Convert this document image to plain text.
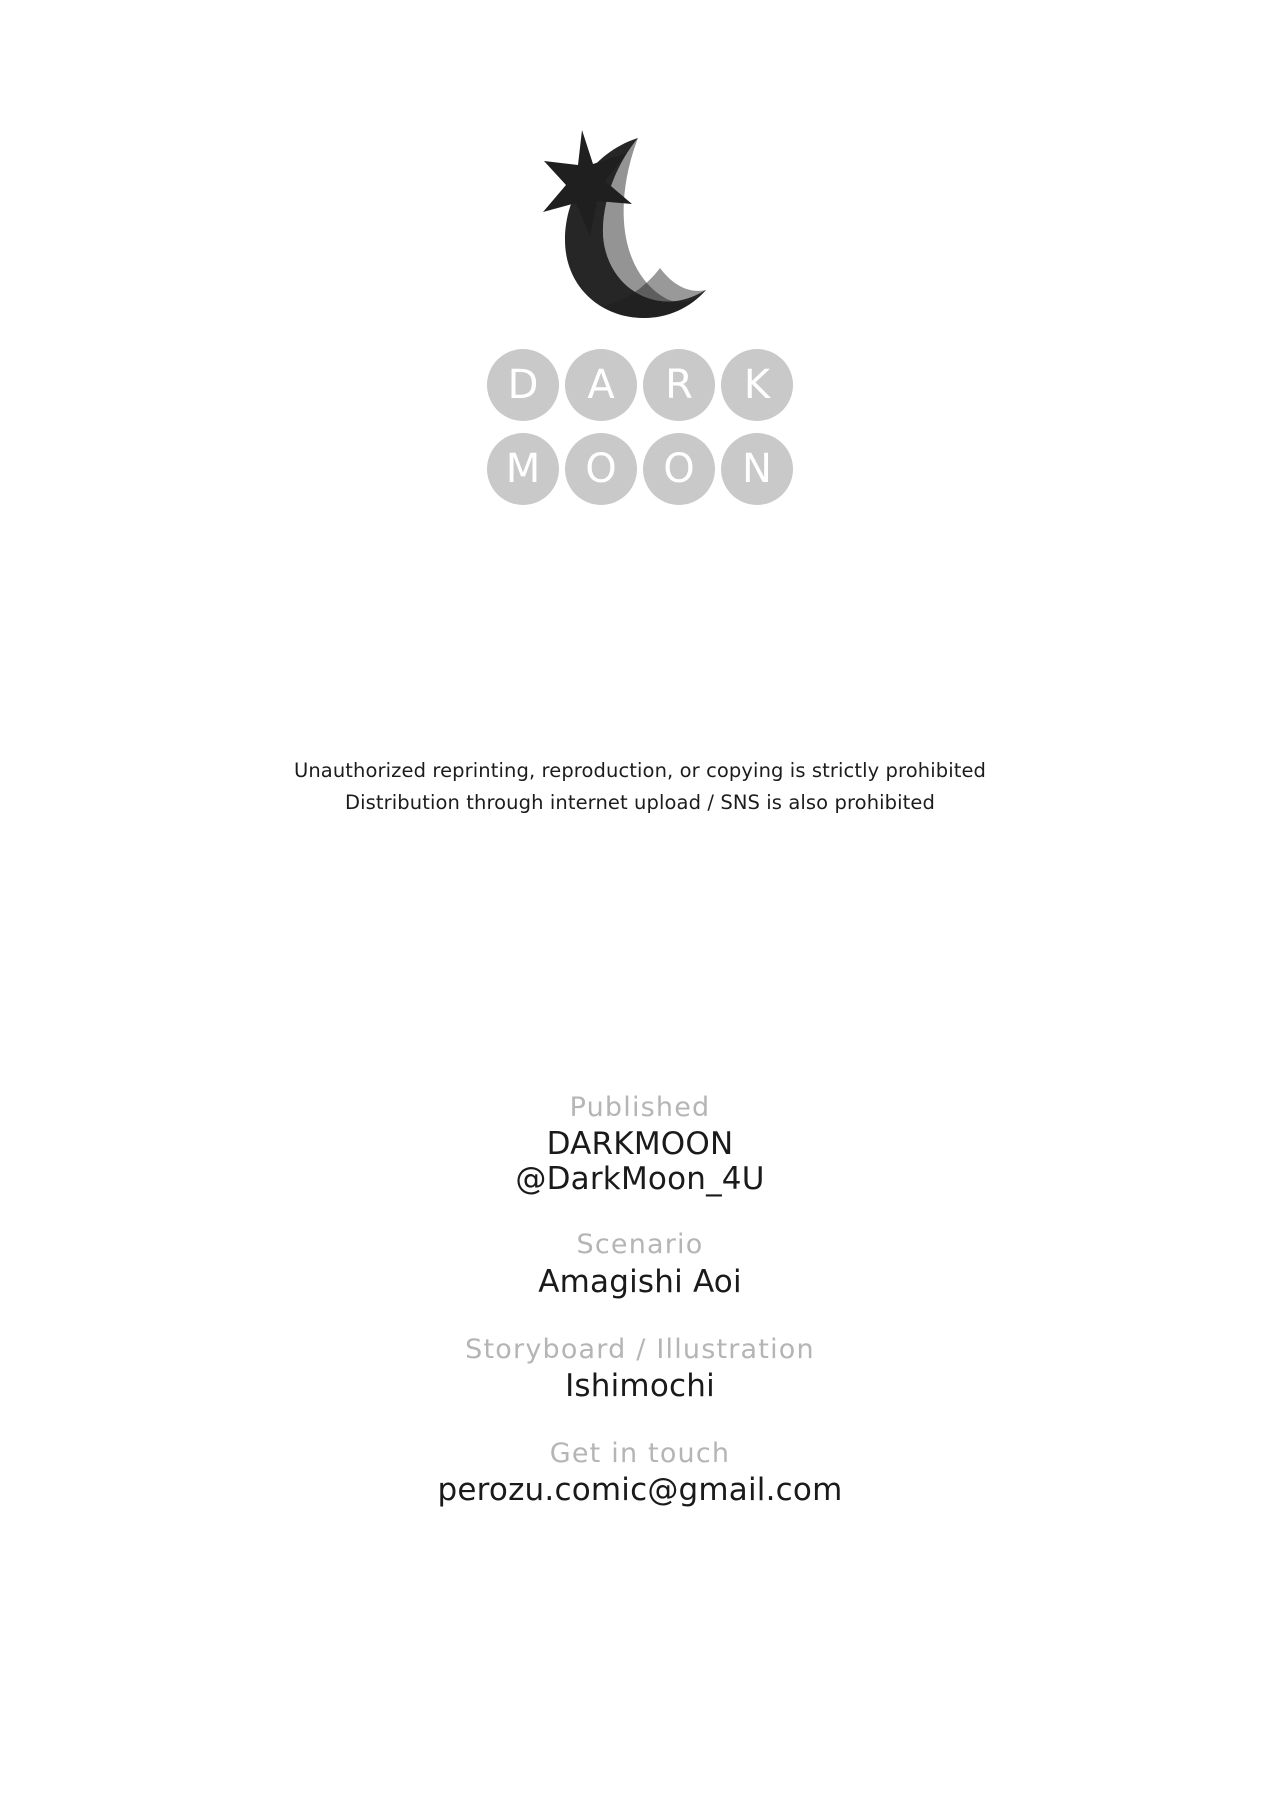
D	A	R	K
M	O	O	N
Unauthorized reprinting, reproduction, or copying is strictly prohibited
Distribution through internet upload / SNS is also prohibited
Published
DARKMOON
@DarkMoon_4U
Scenario
Amagishi Aoi
Storyboard / Illustration
Ishimochi
Get in touch
perozu.comic@gmail.com
